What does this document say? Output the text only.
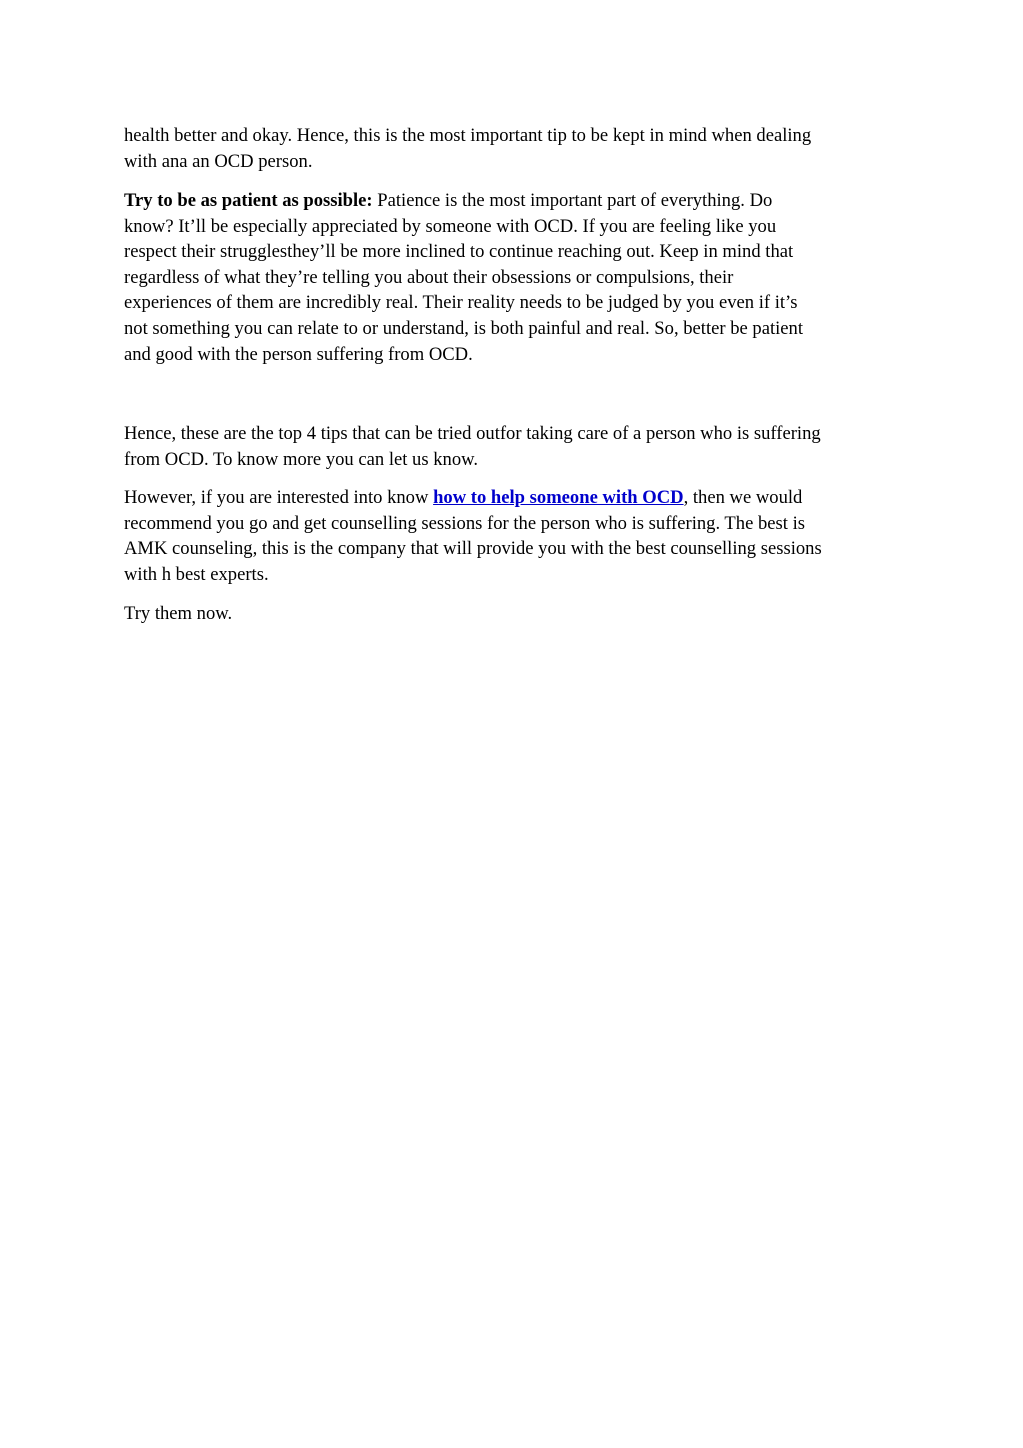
health better and okay. Hence, this is the most important tip to be kept in mind when dealing
with ana an OCD person.
Try to be as patient as possible: Patience is the most important part of everything. Do
know? It’ll be especially appreciated by someone with OCD. If you are feeling like you
respect their strugglesthey’ll be more inclined to continue reaching out. Keep in mind that
regardless of what they’re telling you about their obsessions or compulsions, their
experiences of them are incredibly real. Their reality needs to be judged by you even if it’s
not something you can relate to or understand, is both painful and real. So, better be patient
and good with the person suffering from OCD.
Hence, these are the top 4 tips that can be tried outfor taking care of a person who is suffering
from OCD. To know more you can let us know.
However, if you are interested into know how to help someone with OCD, then we would
recommend you go and get counselling sessions for the person who is suffering. The best is
AMK counseling, this is the company that will provide you with the best counselling sessions
with h best experts.
Try them now.
